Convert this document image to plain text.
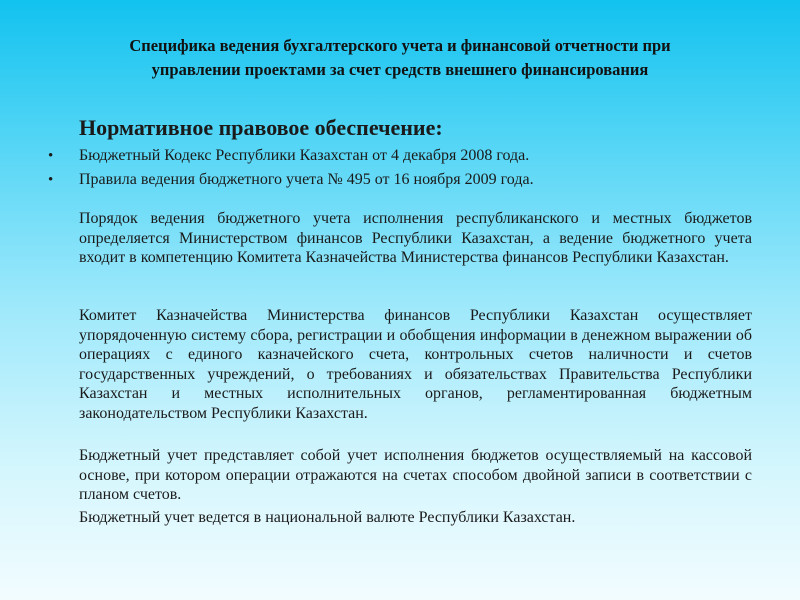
Специфика ведения бухгалтерского учета и финансовой отчетности при
управлении проектами за счет средств внешнего финансирования
Нормативное правовое обеспечение:
• Бюджетный Кодекс Республики Казахстан от 4 декабря 2008 года.
• Правила ведения бюджетного учета № 495 от 16 ноября 2009 года.

Порядок ведения бюджетного учета исполнения республиканского и местных бюджетов определяется Министерством финансов Республики Казахстан, а ведение бюджетного учета входит в компетенцию Комитета Казначейства Министерства финансов Республики Казахстан.

Комитет Казначейства Министерства финансов Республики Казахстан осуществляет упорядоченную систему сбора, регистрации и обобщения информации в денежном выражении об операциях с единого казначейского счета, контрольных счетов наличности и счетов государственных учреждений, о требованиях и обязательствах Правительства Республики Казахстан и местных исполнительных органов, регламентированная бюджетным законодательством Республики Казахстан.

Бюджетный учет представляет собой учет исполнения бюджетов осуществляемый на кассовой основе, при котором операции отражаются на счетах способом двойной записи в соответствии с планом счетов.

Бюджетный учет ведется в национальной валюте Республики Казахстан.
